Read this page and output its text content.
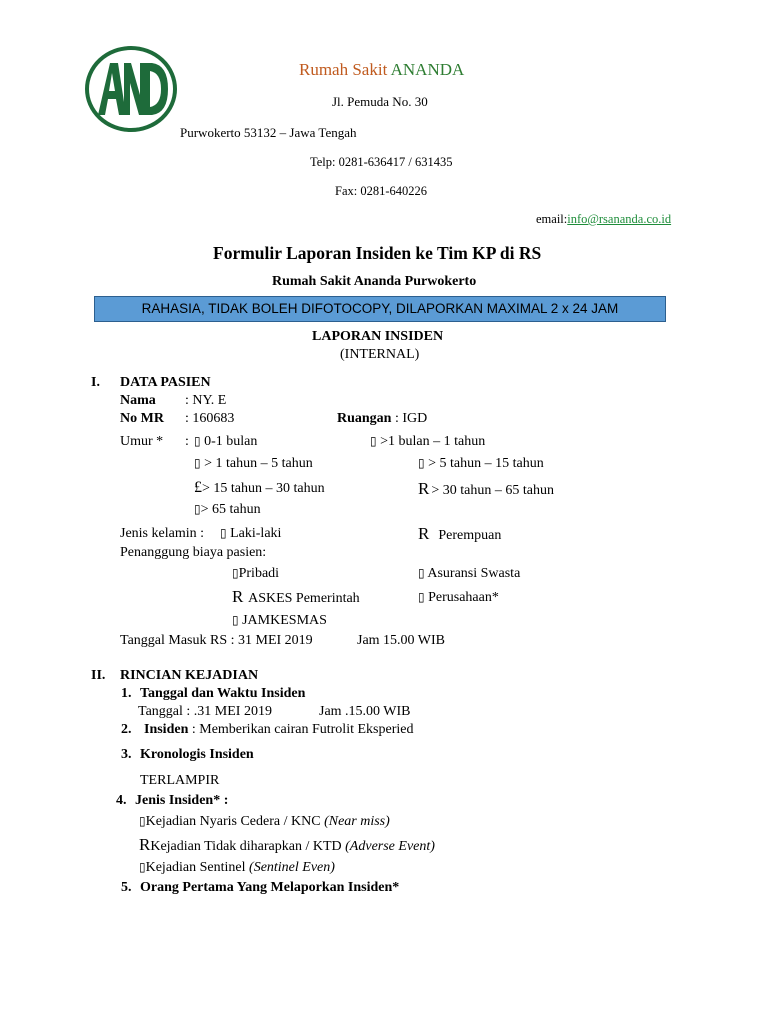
Rumah Sakit ANANDA
Jl. Pemuda No. 30
Purwokerto 53132 – Jawa Tengah
Telp: 0281-636417 / 631435
Fax: 0281-640226
email:info@rsananda.co.id
Formulir Laporan Insiden ke Tim KP di RS
Rumah Sakit Ananda Purwokerto
RAHASIA, TIDAK BOLEH DIFOTOCOPY, DILAPORKAN MAXIMAL 2 x 24 JAM
LAPORAN INSIDEN
(INTERNAL)
I. DATA PASIEN
Nama : NY. E
No MR : 160683	Ruangan : IGD
Umur * : ▯ 0-1 bulan	▯ >1 bulan – 1 tahun
▯ > 1 tahun – 5 tahun	▯ > 5 tahun – 15 tahun
£> 15 tahun – 30 tahun	R > 30 tahun – 65 tahun
▯> 65 tahun
Jenis kelamin : ▯ Laki-laki	R Perempuan
Penanggung biaya pasien:
▯Pribadi	▯ Asuransi Swasta
R ASKES Pemerintah	▯ Perusahaan*
▯ JAMKESMAS
Tanggal Masuk RS : 31 MEI 2019	Jam 15.00 WIB
II. RINCIAN KEJADIAN
1. Tanggal dan Waktu Insiden
Tanggal : .31 MEI 2019	Jam .15.00 WIB
2. Insiden : Memberikan cairan Futrolit Eksperied
3. Kronologis Insiden
TERLAMPIR
4. Jenis Insiden* :
▯Kejadian Nyaris Cedera / KNC (Near miss)
RKejadian Tidak diharapkan / KTD (Adverse Event)
▯Kejadian Sentinel (Sentinel Even)
5. Orang Pertama Yang Melaporkan Insiden*
